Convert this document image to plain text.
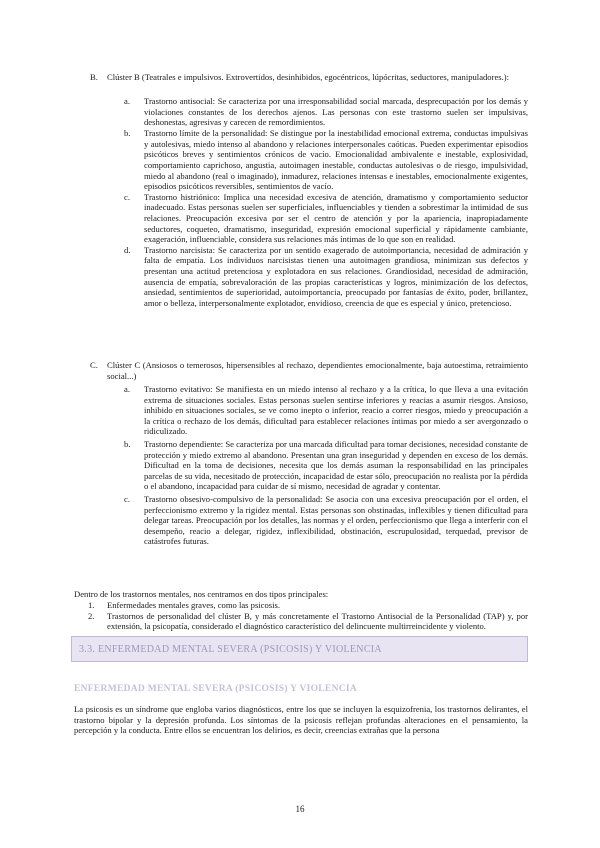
B. Clúster B (Teatrales e impulsivos. Extrovertidos, desinhibidos, egocéntricos, lúpócritas, seductores, manipuladores.):

a. Trastorno antisocial: Se caracteriza por una irresponsabilidad social marcada, desprecupación por los demás y violaciones constantes de los derechos ajenos. Las personas con este trastorno suelen ser impulsivas, deshonestas, agresivas y carecen de remordimientos.

b. Trastorno límite de la personalidad: Se distingue por la inestabilidad emocional extrema, conductas impulsivas y autolesivas, miedo intenso al abandono y relaciones interpersonales caóticas. Pueden experimentar episodios psicóticos breves y sentimientos crónicos de vacío. Emocionalidad ambivalente e inestable, explosividad, comportamiento caprichoso, angustia, autoimagen inestable, conductas autolesivas o de riesgo, impulsividad, miedo al abandono (real o imaginado), inmadurez, relaciones intensas e inestables, emocionalmente exigentes, episodios psicóticos reversibles, sentimientos de vacío.

c. Trastorno histriónico: Implica una necesidad excesiva de atención, dramatismo y comportamiento seductor inadecuado. Estas personas suelen ser superficiales, influenciables y tienden a sobrestimar la intimidad de sus relaciones. Preocupación excesiva por ser el centro de atención y por la apariencia, inapropiadamente seductores, coqueteo, dramatismo, inseguridad, expresión emocional superficial y rápidamente cambiante, exageración, influenciable, considera sus relaciones más íntimas de lo que son en realidad.

d. Trastorno narcisista: Se caracteriza por un sentido exagerado de autoimportancia, necesidad de admiración y falta de empatía. Los individuos narcisistas tienen una autoimagen grandiosa, minimizan sus defectos y presentan una actitud pretenciosa y explotadora en sus relaciones. Grandiosidad, necesidad de admiración, ausencia de empatía, sobrevaloración de las propias características y logros, minimización de los defectos, ansiedad, sentimientos de superioridad, autoimportancia, preocupado por fantasías de éxito, poder, brillantez, amor o belleza, interpersonalmente explotador, envidioso, creencia de que es especial y único, pretencioso.

C. Clúster C (Ansiosos o temerosos, hipersensibles al rechazo, dependientes emocionalmente, baja autoestima, retraimiento social...)

a. Trastorno evitativo: Se manifiesta en un miedo intenso al rechazo y a la crítica, lo que lleva a una evitación extrema de situaciones sociales. Estas personas suelen sentirse inferiores y reacias a asumir riesgos. Ansioso, inhibido en situaciones sociales, se ve como inepto o inferior, reacio a correr riesgos, miedo y preocupación a la crítica o rechazo de los demás, dificultad para establecer relaciones íntimas por miedo a ser avergonzado o ridiculizado.

b. Trastorno dependiente: Se caracteriza por una marcada dificultad para tomar decisiones, necesidad constante de protección y miedo extremo al abandono. Presentan una gran inseguridad y dependen en exceso de los demás. Dificultad en la toma de decisiones, necesita que los demás asuman la responsabilidad en las principales parcelas de su vida, necesitado de protección, incapacidad de estar sólo, preocupación no realista por la pérdida o el abandono, incapacidad para cuidar de sí mismo, necesidad de agradar y contentar.

c. Trastorno obsesivo-compulsivo de la personalidad: Se asocia con una excesiva preocupación por el orden, el perfeccionismo extremo y la rigidez mental. Estas personas son obstinadas, inflexibles y tienen dificultad para delegar tareas. Preocupación por los detalles, las normas y el orden, perfeccionismo que llega a interferir con el desempeño, reacio a delegar, rigidez, inflexibilidad, obstinación, escrupulosidad, terquedad, previsor de catástrofes futuras.

Dentro de los trastornos mentales, nos centramos en dos tipos principales:

1. Enfermedades mentales graves, como las psicosis.

2. Trastornos de personalidad del clúster B, y más concretamente el Trastorno Antisocial de la Personalidad (TAP) y, por extensión, la psicopatía, considerado el diagnóstico característico del delincuente multirreincidente y violento.

3.3. ENFERMEDAD MENTAL SEVERA (PSICOSIS) Y VIOLENCIA
ENFERMEDAD MENTAL SEVERA (PSICOSIS) Y VIOLENCIA

La psicosis es un síndrome que engloba varios diagnósticos, entre los que se incluyen la esquizofrenia, los trastornos delirantes, el trastorno bipolar y la depresión profunda. Los síntomas de la psicosis reflejan profundas alteraciones en el pensamiento, la percepción y la conducta. Entre ellos se encuentran los delirios, es decir, creencias extrañas que la persona

16
